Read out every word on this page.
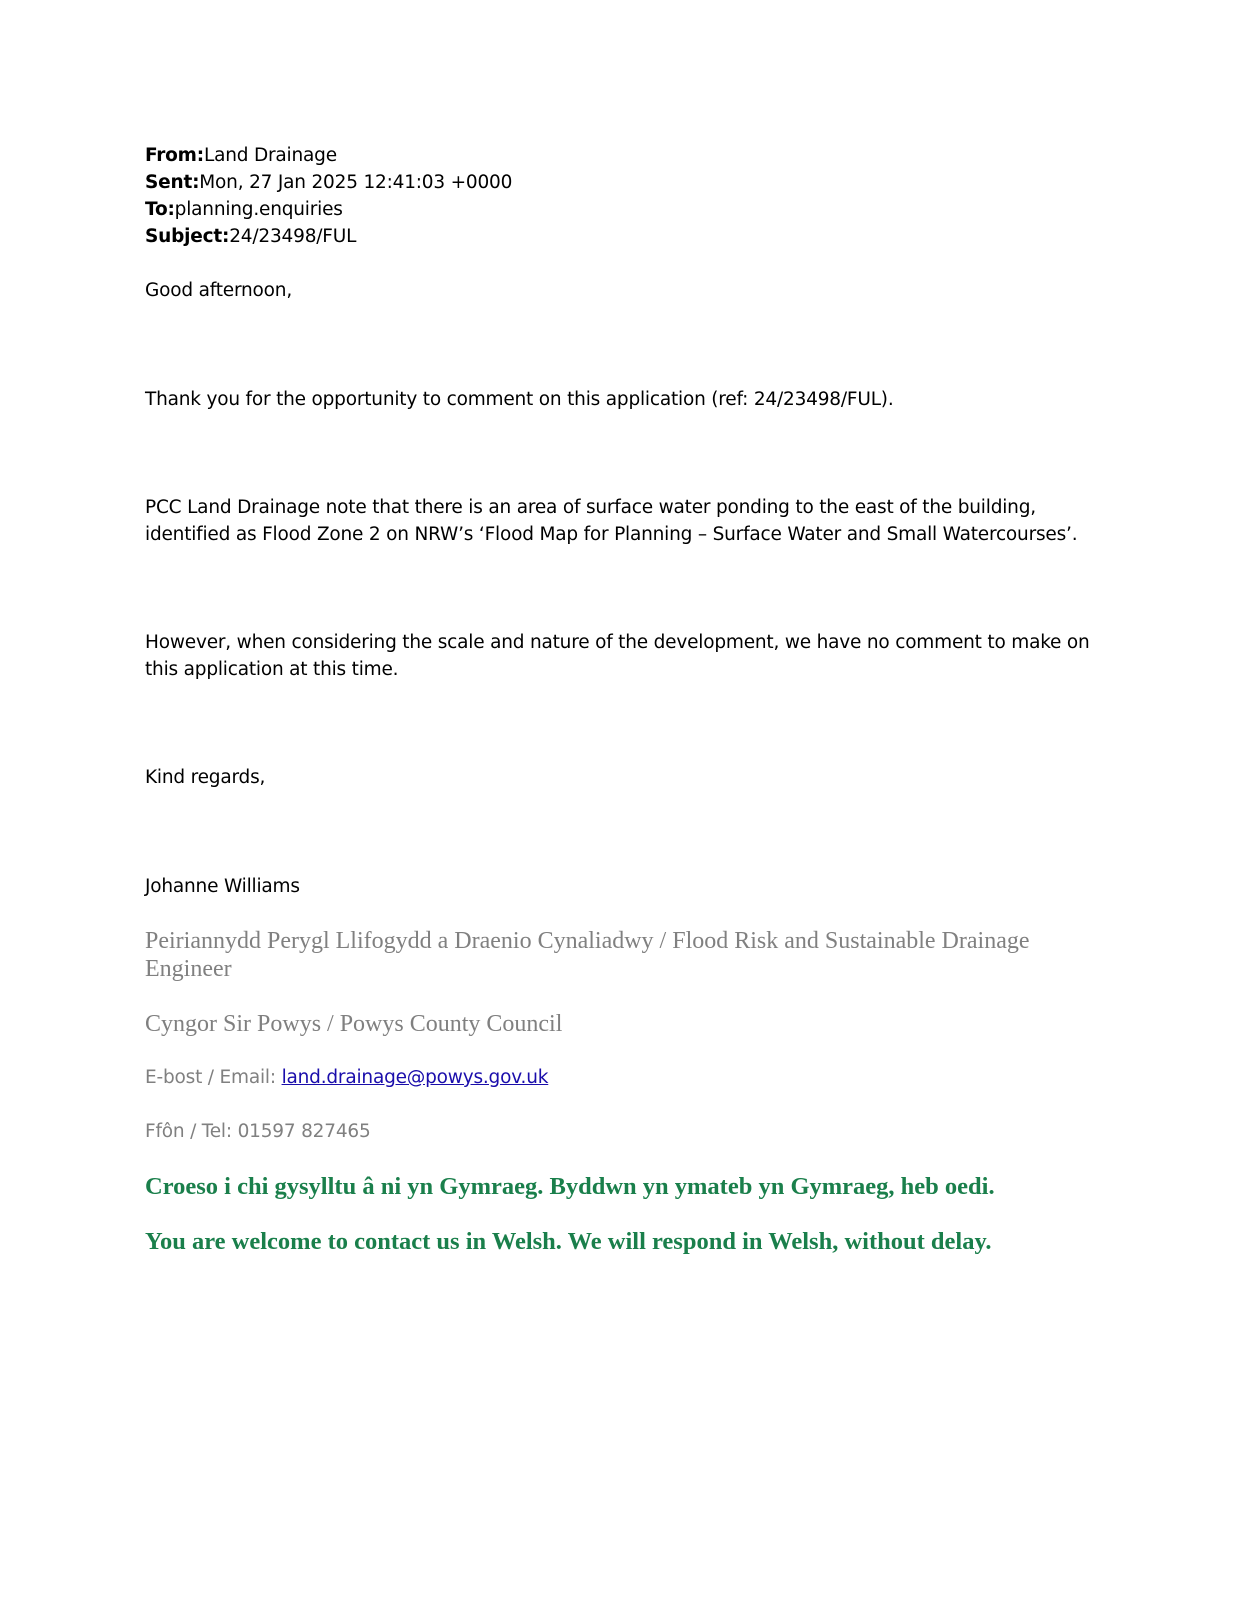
From:Land Drainage
Sent:Mon, 27 Jan 2025 12:41:03 +0000
To:planning.enquiries
Subject:24/23498/FUL
Good afternoon,
Thank you for the opportunity to comment on this application (ref: 24/23498/FUL).
PCC Land Drainage note that there is an area of surface water ponding to the east of the building,
identified as Flood Zone 2 on NRW’s ‘Flood Map for Planning – Surface Water and Small Watercourses’.
However, when considering the scale and nature of the development, we have no comment to make on
this application at this time.
Kind regards,
Johanne Williams
Peiriannydd Perygl Llifogydd a Draenio Cynaliadwy / Flood Risk and Sustainable Drainage
Engineer
Cyngor Sir Powys / Powys County Council
E-bost / Email: land.drainage@powys.gov.uk
Ffôn / Tel: 01597 827465
Croeso i chi gysylltu â ni yn Gymraeg. Byddwn yn ymateb yn Gymraeg, heb oedi.
You are welcome to contact us in Welsh. We will respond in Welsh, without delay.
